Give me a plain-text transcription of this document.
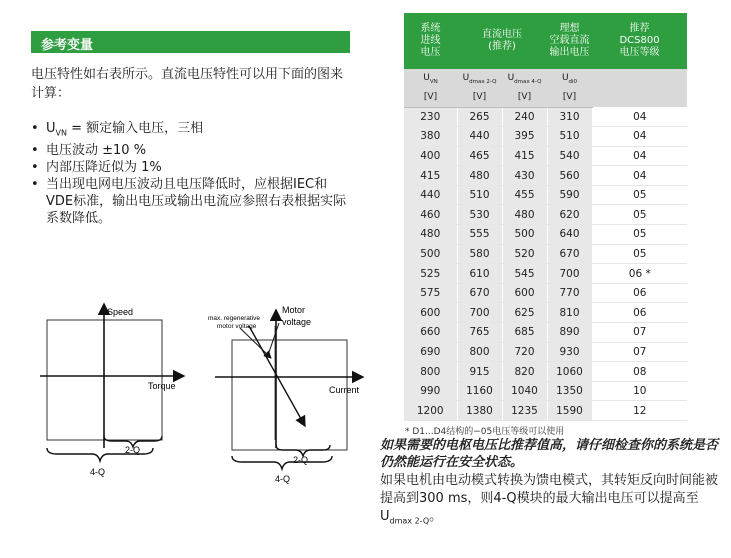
参考变量

电压特性如右表所示。直流电压特性可以用下面的图来计算：

• $U_{VN}$ = 额定输入电压，三相
• 电压波动 ±10 %
• 内部压降近似为 1%
• 当出现电网电压波动且电压降低时，应根据IEC和VDE标准，输出电压或输出电流应参照右表根据实际系数降低。
Speed
Torque
2-Q
4-Q
max. regenerative
motor voltage
Motor
voltage
Current
2-Q
4-Q
系统
进线
电压	直流电压
(推荐)		理想
空载直流
输出电压	推荐
DCS800
电压等级
$U_{VN}$	$U_{dmax 2-Q}$	$U_{dmax 4-Q}$	$U_{di0}$	
[V]	[V]	[V]	[V]	
230	265	240	310	04
380	440	395	510	04
400	465	415	540	04
415	480	430	560	04
440	510	455	590	05
460	530	480	620	05
480	555	500	640	05
500	580	520	670	05
525	610	545	700	06 *
575	670	600	770	06
600	700	625	810	06
660	765	685	890	07
690	800	720	930	07
800	915	820	1060	08
990	1160	1040	1350	10
1200	1380	1235	1590	12
* D1...D4结构的−05电压等级可以使用

如果需要的电枢电压比推荐值高，请仔细检查你的系统是否仍然能运行在安全状态。

如果电机由电动模式转换为馈电模式，其转矩反向时间能被提高到300 ms，则4-Q模块的最大输出电压可以提高至$U_{dmax 2-Q}$。
